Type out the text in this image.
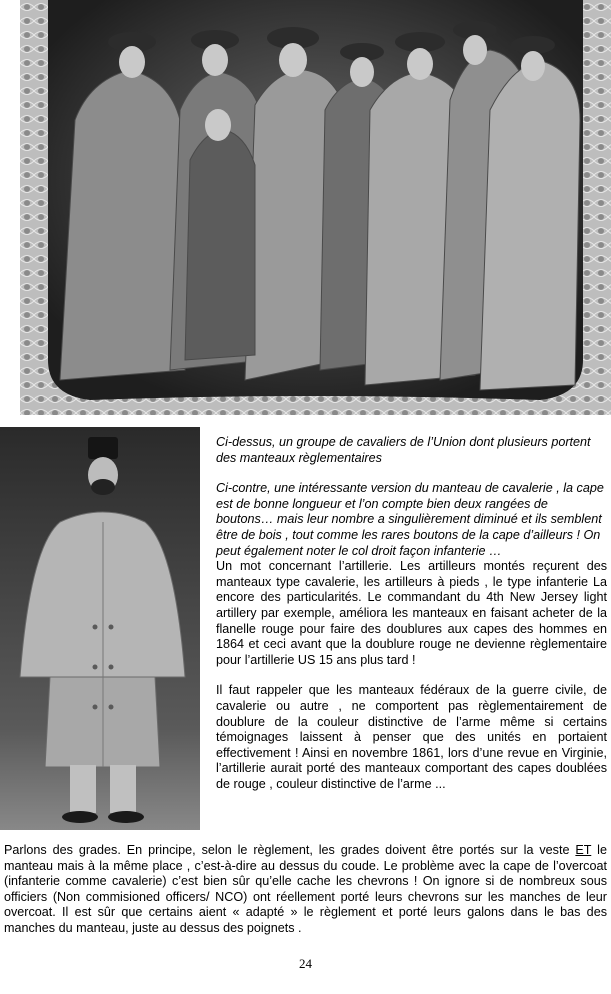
Ci-dessus, un groupe de cavaliers de l’Union dont plusieurs portent des manteaux règlementaires

Ci-contre, une intéressante version du manteau de cavalerie , la cape est de bonne longueur et l’on compte bien deux rangées de boutons… mais leur nombre a singulièrement diminué et ils semblent être de bois , tout comme les rares boutons de la cape d’ailleurs ! On peut également noter le col droit façon infanterie …

Un mot concernant l’artillerie. Les artilleurs montés reçurent des manteaux type cavalerie, les artilleurs à pieds , le type infanterie La encore des particularités. Le commandant du 4th New Jersey light artillery par exemple, améliora les manteaux en faisant acheter de la flanelle rouge pour faire des doublures aux capes des hommes en 1864 et ceci avant que la doublure rouge ne devienne règlementaire pour l’artillerie US 15 ans plus tard !

Il faut rappeler que les manteaux fédéraux de la guerre civile, de cavalerie ou autre , ne comportent pas règlementairement de doublure de la couleur distinctive de l’arme même si certains témoignages laissent à penser que des unités en portaient effectivement ! Ainsi en novembre 1861, lors d’une revue en Virginie, l’artillerie aurait porté des manteaux comportant des capes doublées de rouge , couleur distinctive de l’arme ...

Parlons des grades. En principe, selon le règlement, les grades doivent être portés sur la veste ET le manteau mais à la même place , c’est-à-dire au dessus du coude. Le problème avec la cape de l’overcoat (infanterie comme cavalerie) c’est bien sûr qu’elle cache les chevrons ! On ignore si de nombreux sous officiers (Non commisioned officers/ NCO) ont réellement porté leurs chevrons sur les manches de leur overcoat. Il est sûr que certains aient « adapté » le règlement et porté leurs galons dans le bas des manches du manteau, juste au dessus des poignets .
24
